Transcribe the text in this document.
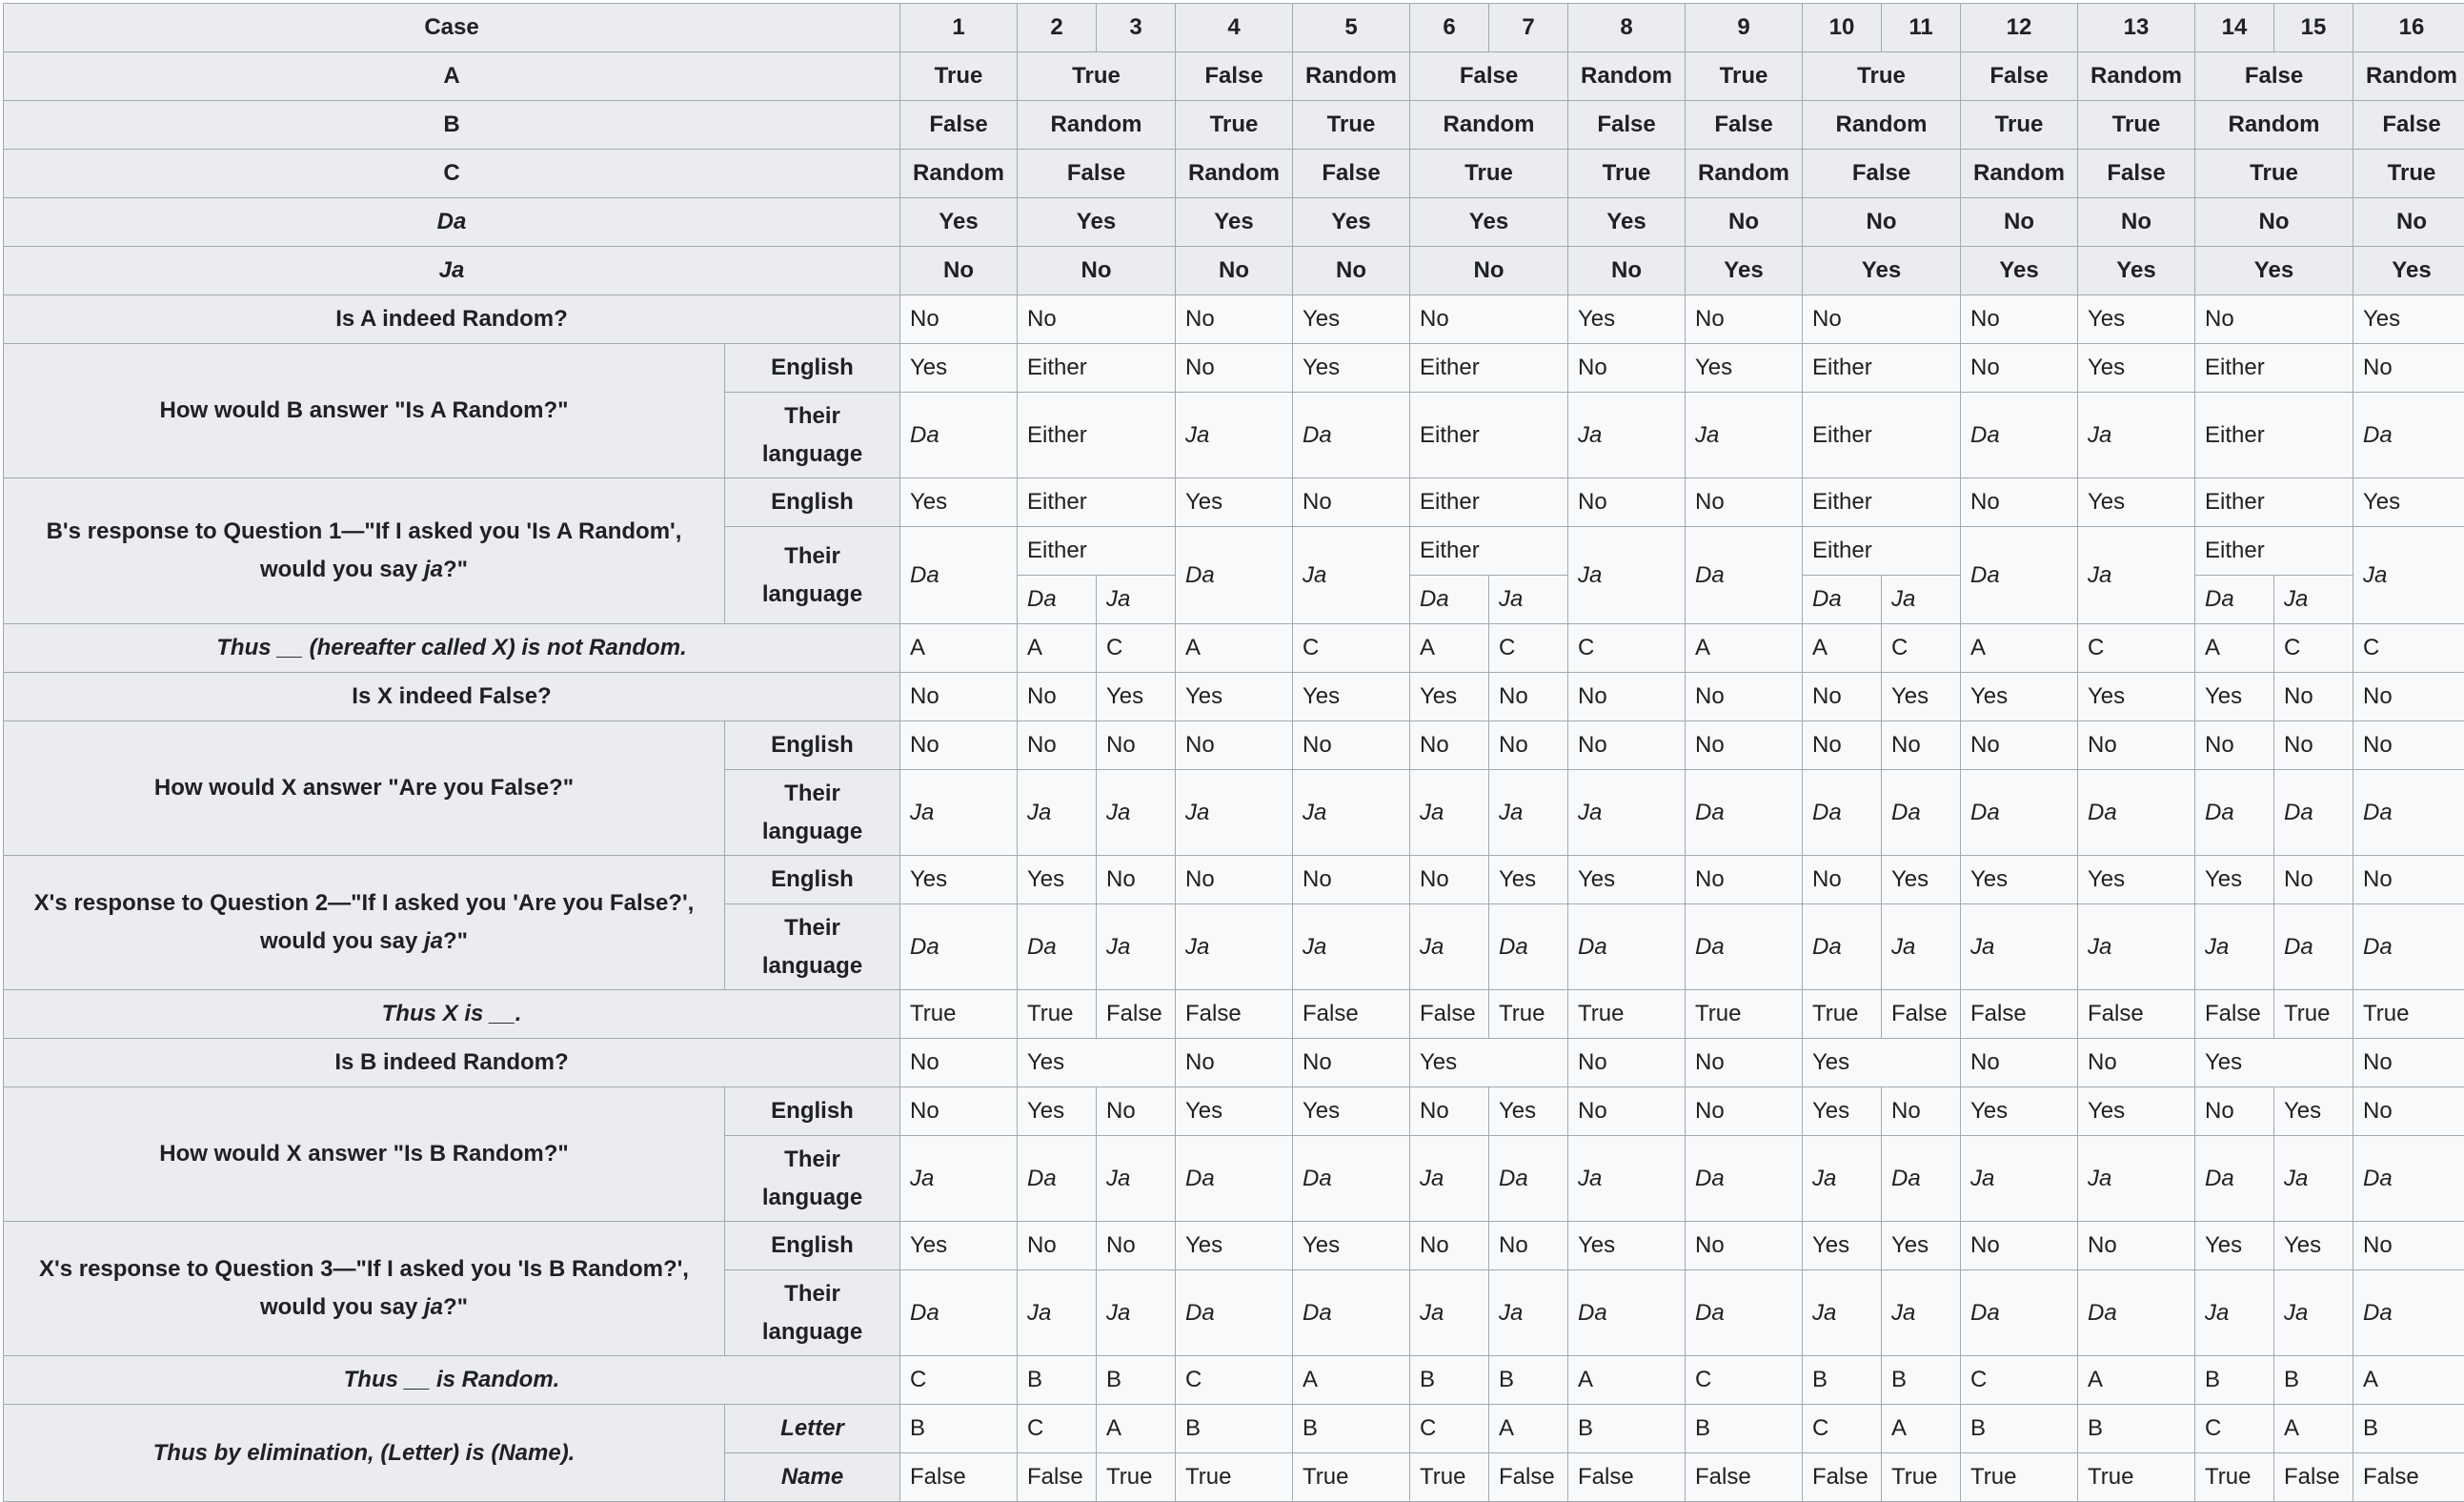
Case		1	2	3	4	5	6	7	8	9	10	11	12	13	14	15	16
A		True	True		False	Random	False		Random	True	True		False	Random	False		Random
B		False	Random		True	True	Random		False	False	Random		True	True	Random		False
C		Random	False		Random	False	True		True	Random	False		Random	False	True		True
Da		Yes	Yes		Yes	Yes	Yes		Yes	No	No		No	No	No		No
Ja		No	No		No	No	No		No	Yes	Yes		Yes	Yes	Yes		Yes
Is A indeed Random?		No	No		No	Yes	No		Yes	No	No		No	Yes	No		Yes
How would B answer "Is A Random?"	English	Yes	Either		No	Yes	Either		No	Yes	Either		No	Yes	Either		No
	Their language	Da	Either		Ja	Da	Either		Ja	Ja	Either		Da	Ja	Either		Da
B's response to Question 1—"If I asked you 'Is A Random', would you say ja?"	English	Yes	Either		Yes	No	Either		No	No	Either		No	Yes	Either		Yes
	Their language	Da	Either		Da	Ja	Either		Ja	Da	Either		Da	Ja	Either		Ja
			Da	Ja			Da	Ja			Da	Ja			Da	Ja	
Thus __ (hereafter called X) is not Random.		A	A	C	A	C	A	C	C	A	A	C	A	C	A	C	C
Is X indeed False?		No	No	Yes	Yes	Yes	Yes	No	No	No	No	Yes	Yes	Yes	Yes	No	No
How would X answer "Are you False?"	English	No	No	No	No	No	No	No	No	No	No	No	No	No	No	No	No
	Their language	Ja	Ja	Ja	Ja	Ja	Ja	Ja	Ja	Da	Da	Da	Da	Da	Da	Da	Da
X's response to Question 2—"If I asked you 'Are you False?', would you say ja?"	English	Yes	Yes	No	No	No	No	Yes	Yes	No	No	Yes	Yes	Yes	Yes	No	No
	Their language	Da	Da	Ja	Ja	Ja	Ja	Da	Da	Da	Da	Ja	Ja	Ja	Ja	Da	Da
Thus X is __.		True	True	False	False	False	False	True	True	True	True	False	False	False	False	True	True
Is B indeed Random?		No	Yes		No	No	Yes		No	No	Yes		No	No	Yes		No
How would X answer "Is B Random?"	English	No	Yes	No	Yes	Yes	No	Yes	No	No	Yes	No	Yes	Yes	No	Yes	No
	Their language	Ja	Da	Ja	Da	Da	Ja	Da	Ja	Da	Ja	Da	Ja	Ja	Da	Ja	Da
X's response to Question 3—"If I asked you 'Is B Random?', would you say ja?"	English	Yes	No	No	Yes	Yes	No	No	Yes	No	Yes	Yes	No	No	Yes	Yes	No
	Their language	Da	Ja	Ja	Da	Da	Ja	Ja	Da	Da	Ja	Ja	Da	Da	Ja	Ja	Da
Thus __ is Random.		C	B	B	C	A	B	B	A	C	B	B	C	A	B	B	A
Thus by elimination, (Letter) is (Name).	Letter	B	C	A	B	B	C	A	B	B	C	A	B	B	C	A	B
	Name	False	False	True	True	True	True	False	False	False	False	True	True	True	True	False	False
